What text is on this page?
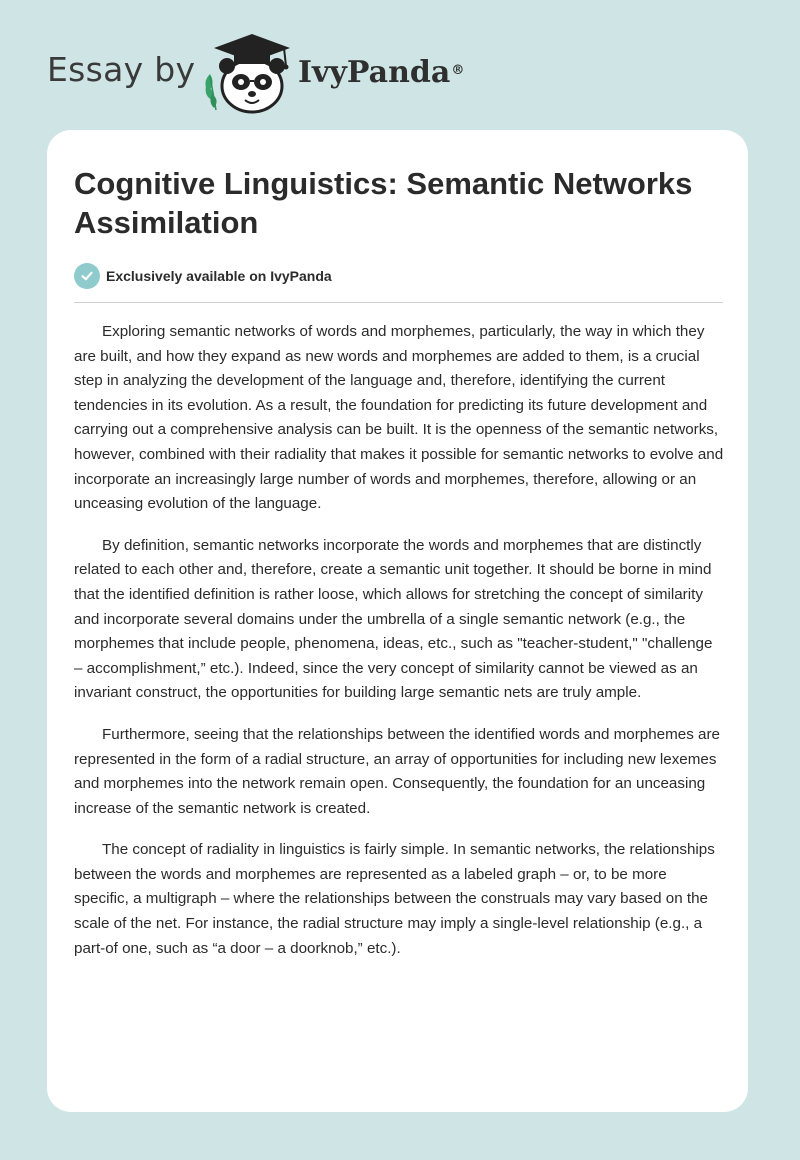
Essay by	IvyPanda®
Cognitive Linguistics: Semantic Networks Assimilation
Exclusively available on IvyPanda

Exploring semantic networks of words and morphemes, particularly, the way in which they are built, and how they expand as new words and morphemes are added to them, is a crucial step in analyzing the development of the language and, therefore, identifying the current tendencies in its evolution. As a result, the foundation for predicting its future development and carrying out a comprehensive analysis can be built. It is the openness of the semantic networks, however, combined with their radiality that makes it possible for semantic networks to evolve and incorporate an increasingly large number of words and morphemes, therefore, allowing or an unceasing evolution of the language.

By definition, semantic networks incorporate the words and morphemes that are distinctly related to each other and, therefore, create a semantic unit together. It should be borne in mind that the identified definition is rather loose, which allows for stretching the concept of similarity and incorporate several domains under the umbrella of a single semantic network (e.g., the morphemes that include people, phenomena, ideas, etc., such as "teacher-student," "challenge – accomplishment,” etc.). Indeed, since the very concept of similarity cannot be viewed as an invariant construct, the opportunities for building large semantic nets are truly ample.

Furthermore, seeing that the relationships between the identified words and morphemes are represented in the form of a radial structure, an array of opportunities for including new lexemes and morphemes into the network remain open. Consequently, the foundation for an unceasing increase of the semantic network is created.

The concept of radiality in linguistics is fairly simple. In semantic networks, the relationships between the words and morphemes are represented as a labeled graph – or, to be more specific, a multigraph – where the relationships between the construals may vary based on the scale of the net. For instance, the radial structure may imply a single-level relationship (e.g., a part-of one, such as “a door – a doorknob,” etc.).
